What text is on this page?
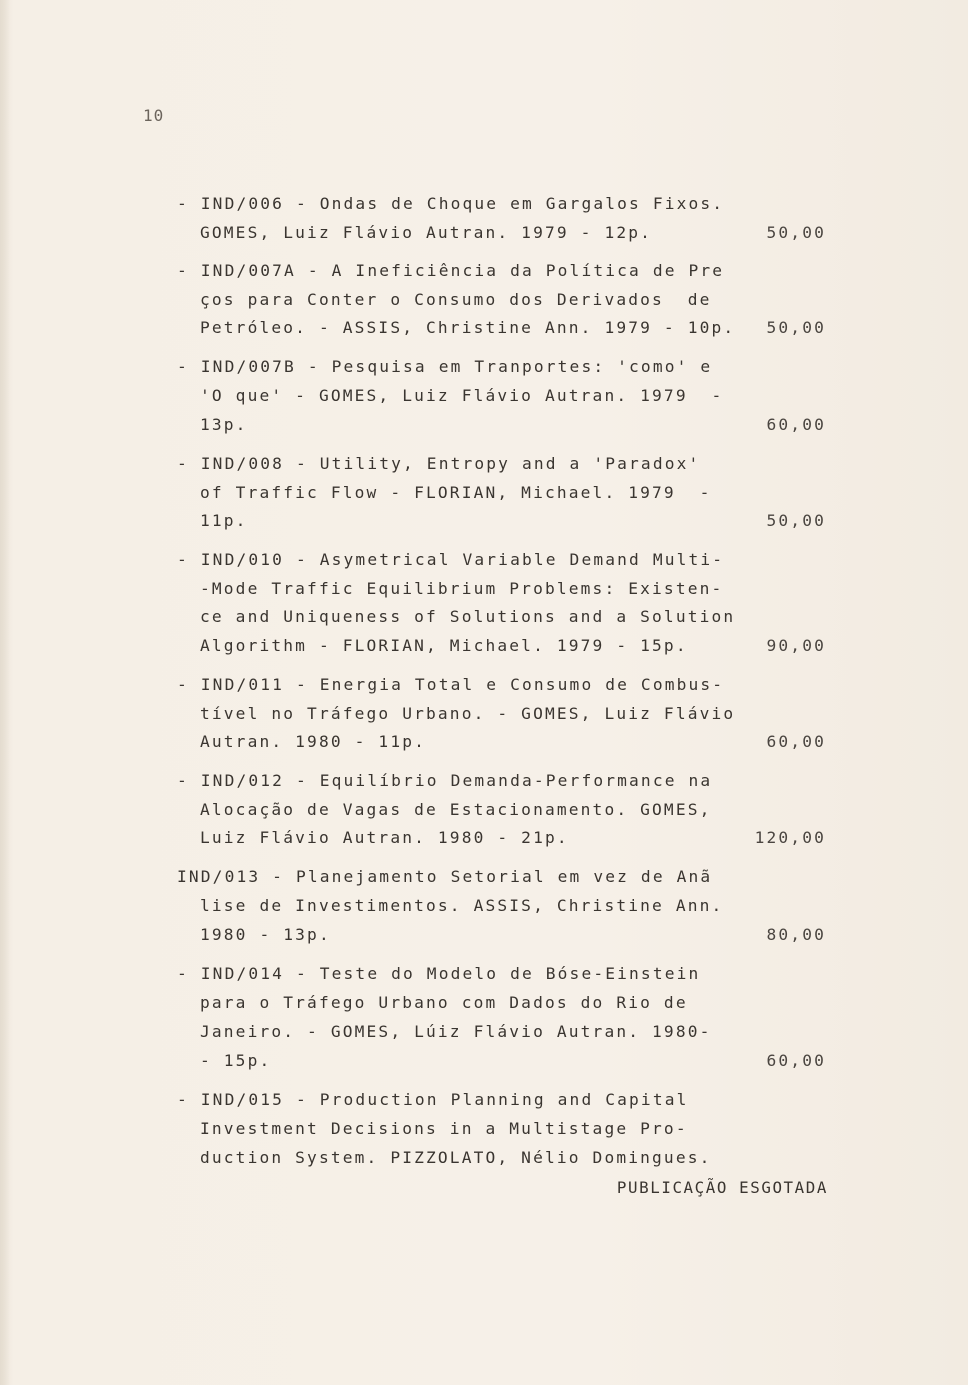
10
- IND/006 - Ondas de Choque em Gargalos Fixos.
GOMES, Luiz Flávio Autran. 1979 - 12p.	50,00
- IND/007A - A Ineficiência da Política de Pre
ços para Conter o Consumo dos Derivados  de
Petróleo. - ASSIS, Christine Ann. 1979 - 10p. 50,00
- IND/007B - Pesquisa em Tranportes: 'como' e
'O que' - GOMES, Luiz Flávio Autran. 1979  -
13p.	60,00
- IND/008 - Utility, Entropy and a 'Paradox'
of Traffic Flow - FLORIAN, Michael. 1979  -
11p.	50,00
- IND/010 - Asymetrical Variable Demand Multi-
-Mode Traffic Equilibrium Problems: Existen-
ce and Uniqueness of Solutions and a Solution
Algorithm - FLORIAN, Michael. 1979 - 15p.	90,00
- IND/011 - Energia Total e Consumo de Combus-
tível no Tráfego Urbano. - GOMES, Luiz Flávio
Autran. 1980 - 11p.	60,00
- IND/012 - Equilíbrio Demanda-Performance na
Alocação de Vagas de Estacionamento. GOMES,
Luiz Flávio Autran. 1980 - 21p.	120,00
IND/013 - Planejamento Setorial em vez de Anã
lise de Investimentos. ASSIS, Christine Ann.
1980 - 13p.	80,00
- IND/014 - Teste do Modelo de Bóse-Einstein
para o Tráfego Urbano com Dados do Rio de
Janeiro. - GOMES, Lúiz Flávio Autran. 1980-
- 15p.	60,00
- IND/015 - Production Planning and Capital
Investment Decisions in a Multistage Pro-
duction System. PIZZOLATO, Nélio Domingues.
PUBLICAÇÃO ESGOTADA
